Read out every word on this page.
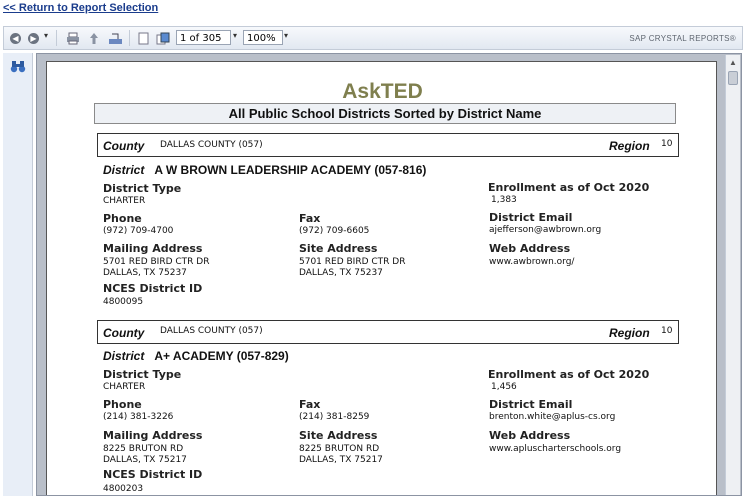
<< Return to Report Selection
◀	▶ ▾	1 of 305	▾ 100%	▾	SAP CRYSTAL REPORTS®
AskTED
All Public School Districts Sorted by District Name
County DALLAS COUNTY (057)	Region 10
District A W BROWN LEADERSHIP ACADEMY (057-816)
District Type
CHARTER
Enrollment as of Oct 2020
1,383
Phone
(972) 709-4700
Fax
(972) 709-6605
District Email
ajefferson@awbrown.org
Mailing Address
5701 RED BIRD CTR DR
DALLAS, TX 75237
Site Address
5701 RED BIRD CTR DR
DALLAS, TX 75237
Web Address
www.awbrown.org/
NCES District ID
4800095
County DALLAS COUNTY (057)	Region 10
District A+ ACADEMY (057-829)
District Type
CHARTER
Enrollment as of Oct 2020
1,456
Phone
(214) 381-3226
Fax
(214) 381-8259
District Email
brenton.white@aplus-cs.org
Mailing Address
8225 BRUTON RD
DALLAS, TX 75217
Site Address
8225 BRUTON RD
DALLAS, TX 75217
Web Address
www.apluscharterschools.org
NCES District ID
4800203
▲
